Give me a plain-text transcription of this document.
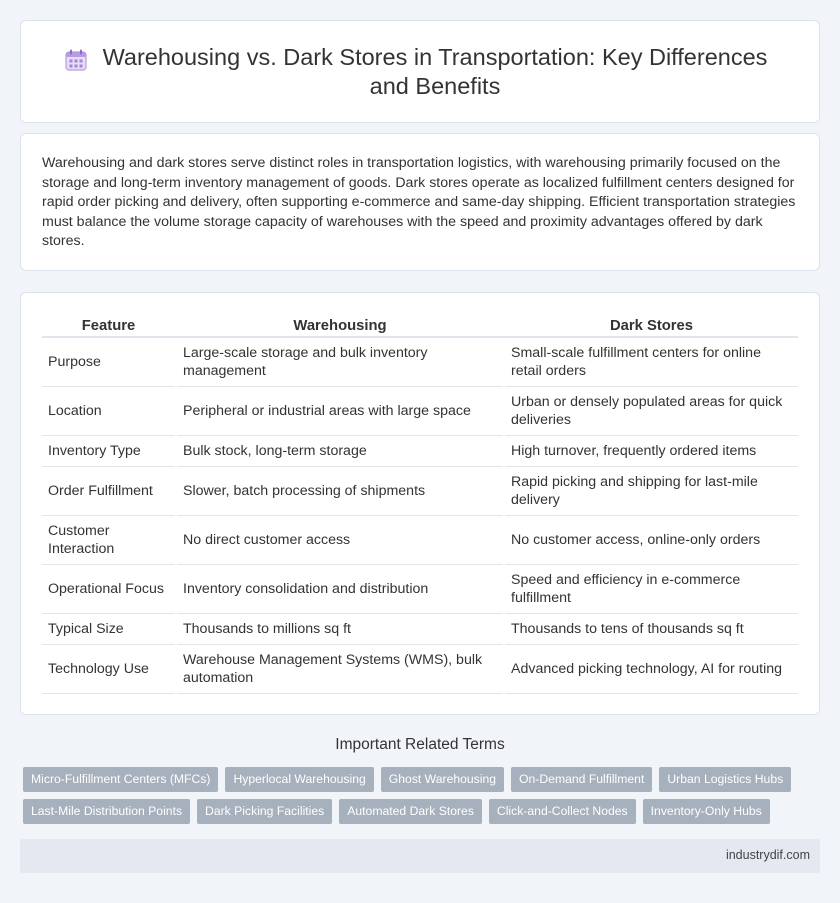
Warehousing vs. Dark Stores in Transportation: Key Differences and Benefits

Warehousing and dark stores serve distinct roles in transportation logistics, with warehousing primarily focused on the storage and long-term inventory management of goods. Dark stores operate as localized fulfillment centers designed for rapid order picking and delivery, often supporting e-commerce and same-day shipping. Efficient transportation strategies must balance the volume storage capacity of warehouses with the speed and proximity advantages offered by dark stores.

Feature	Warehousing	Dark Stores
Purpose	Large-scale storage and bulk inventory management	Small-scale fulfillment centers for online retail orders
Location	Peripheral or industrial areas with large space	Urban or densely populated areas for quick deliveries
Inventory Type	Bulk stock, long-term storage	High turnover, frequently ordered items
Order Fulfillment	Slower, batch processing of shipments	Rapid picking and shipping for last-mile delivery
Customer Interaction	No direct customer access	No customer access, online-only orders
Operational Focus	Inventory consolidation and distribution	Speed and efficiency in e-commerce fulfillment
Typical Size	Thousands to millions sq ft	Thousands to tens of thousands sq ft
Technology Use	Warehouse Management Systems (WMS), bulk automation	Advanced picking technology, AI for routing
Important Related Terms
Micro-Fulfillment Centers (MFCs)	Hyperlocal Warehousing	Ghost Warehousing	On-Demand Fulfillment	Urban Logistics Hubs
Last-Mile Distribution Points	Dark Picking Facilities	Automated Dark Stores	Click-and-Collect Nodes	Inventory-Only Hubs
industrydif.com
